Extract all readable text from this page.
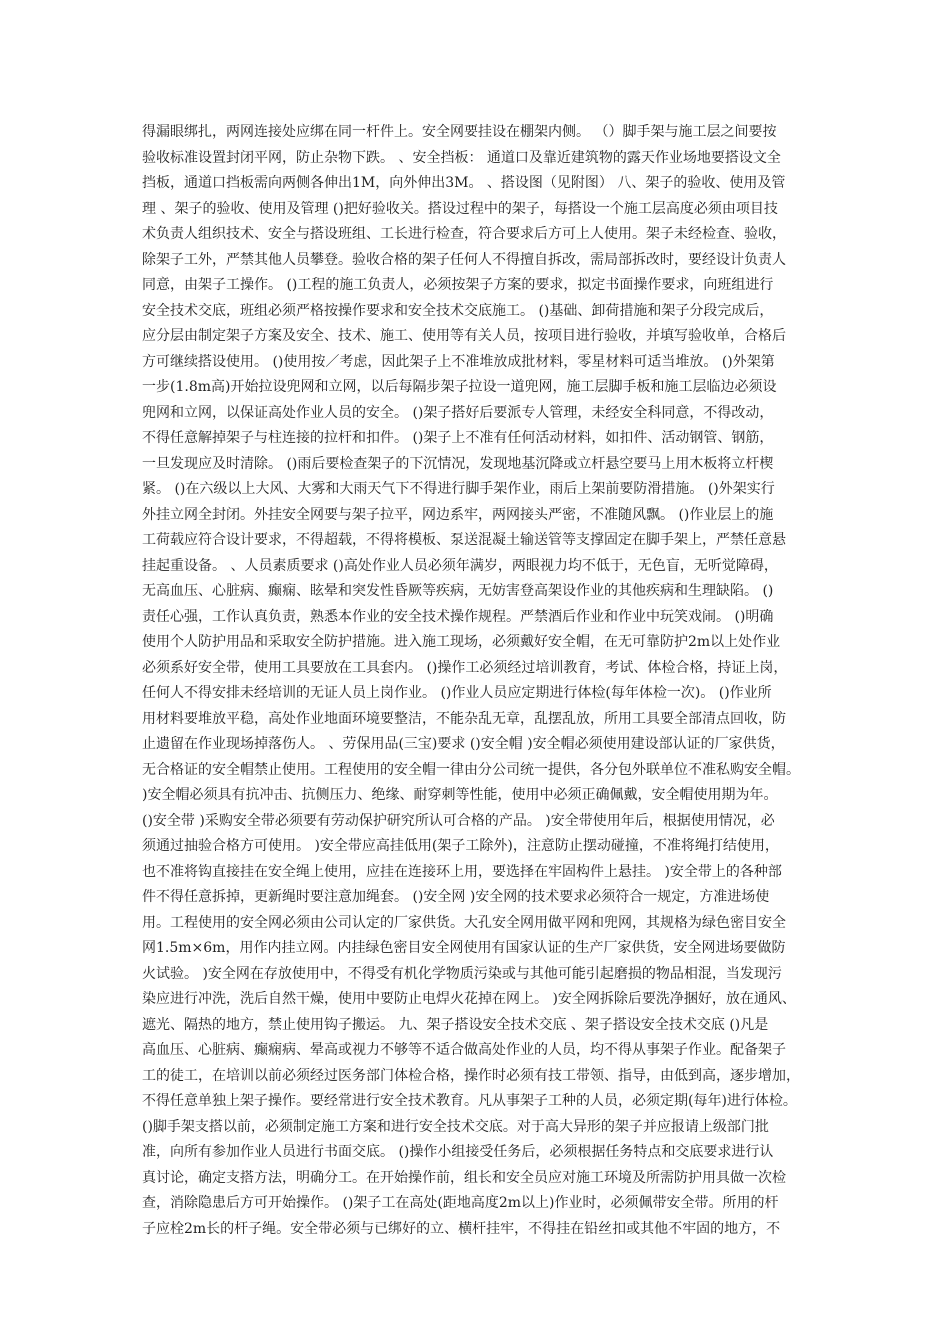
得漏眼绑扎，两网连接处应绑在同一杆件上。安全网要挂设在棚架内侧。 （）脚手架与施工层之间要按
验收标准设置封闭平网，防止杂物下跌。 、安全挡板： 通道口及靠近建筑物的露天作业场地要搭设文全
挡板，通道口挡板需向两侧各伸出1M，向外伸出3M。 、搭设图（见附图） 八、架子的验收、使用及管
理 、架子的验收、使用及管理 ()把好验收关。搭设过程中的架子，每搭设一个施工层高度必须由项目技
术负责人组织技术、安全与搭设班组、工长进行检查，符合要求后方可上人使用。架子未经检查、验收，
除架子工外，严禁其他人员攀登。验收合格的架子任何人不得擅自拆改，需局部拆改时，要经设计负责人
同意，由架子工操作。 ()工程的施工负责人，必须按架子方案的要求，拟定书面操作要求，向班组进行
安全技术交底，班组必须严格按操作要求和安全技术交底施工。 ()基础、卸荷措施和架子分段完成后，
应分层由制定架子方案及安全、技术、施工、使用等有关人员，按项目进行验收，并填写验收单，合格后
方可继续搭设使用。 ()使用按／考虑，因此架子上不准堆放成批材料，零星材料可适当堆放。 ()外架第
一步(1.8m高)开始拉设兜网和立网，以后每隔步架子拉设一道兜网，施工层脚手板和施工层临边必须设
兜网和立网，以保证高处作业人员的安全。 ()架子搭好后要派专人管理，未经安全科同意，不得改动，
不得任意解掉架子与柱连接的拉杆和扣件。 ()架子上不准有任何活动材料，如扣件、活动钢管、钢筋，
一旦发现应及时清除。 ()雨后要检查架子的下沉情况，发现地基沉降或立杆悬空要马上用木板将立杆楔
紧。 ()在六级以上大风、大雾和大雨天气下不得进行脚手架作业，雨后上架前要防滑措施。 ()外架实行
外挂立网全封闭。外挂安全网要与架子拉平，网边系牢，两网接头严密，不准随风飘。 ()作业层上的施
工荷载应符合设计要求，不得超载，不得将模板、泵送混凝土输送管等支撑固定在脚手架上，严禁任意悬
挂起重设备。 、人员素质要求 ()高处作业人员必须年满岁，两眼视力均不低于，无色盲，无听觉障碍，
无高血压、心脏病、癫痫、眩晕和突发性昏厥等疾病，无妨害登高架设作业的其他疾病和生理缺陷。 ()
责任心强，工作认真负责，熟悉本作业的安全技术操作规程。严禁酒后作业和作业中玩笑戏闹。 ()明确
使用个人防护用品和采取安全防护措施。进入施工现场，必须戴好安全帽，在无可靠防护2m以上处作业
必须系好安全带，使用工具要放在工具套内。 ()操作工必须经过培训教育，考试、体检合格，持证上岗，
任何人不得安排未经培训的无证人员上岗作业。 ()作业人员应定期进行体检(每年体检一次)。 ()作业所
用材料要堆放平稳，高处作业地面环境要整洁，不能杂乱无章，乱摆乱放，所用工具要全部清点回收，防
止遗留在作业现场掉落伤人。 、劳保用品(三宝)要求 ()安全帽 )安全帽必须使用建设部认证的厂家供货，
无合格证的安全帽禁止使用。工程使用的安全帽一律由分公司统一提供，各分包外联单位不准私购安全帽。
)安全帽必须具有抗冲击、抗侧压力、绝缘、耐穿刺等性能，使用中必须正确佩戴，安全帽使用期为年。
()安全带 )采购安全带必须要有劳动保护研究所认可合格的产品。 )安全带使用年后，根据使用情况，必
须通过抽验合格方可使用。 )安全带应高挂低用(架子工除外)，注意防止摆动碰撞，不准将绳打结使用，
也不准将钩直接挂在安全绳上使用，应挂在连接环上用，要选择在牢固构件上悬挂。 )安全带上的各种部
件不得任意拆掉，更新绳时要注意加绳套。 ()安全网 )安全网的技术要求必须符合一规定，方准进场使
用。工程使用的安全网必须由公司认定的厂家供货。大孔安全网用做平网和兜网，其规格为绿色密目安全
网1.5m×6m，用作内挂立网。内挂绿色密目安全网使用有国家认证的生产厂家供货，安全网进场要做防
火试验。 )安全网在存放使用中，不得受有机化学物质污染或与其他可能引起磨损的物品相混，当发现污
染应进行冲洗，洗后自然干燥，使用中要防止电焊火花掉在网上。 )安全网拆除后要洗净捆好，放在通风、
遮光、隔热的地方，禁止使用钩子搬运。 九、架子搭设安全技术交底 、架子搭设安全技术交底 ()凡是
高血压、心脏病、癫痫病、晕高或视力不够等不适合做高处作业的人员，均不得从事架子作业。配备架子
工的徒工，在培训以前必须经过医务部门体检合格，操作时必须有技工带领、指导，由低到高，逐步增加，
不得任意单独上架子操作。要经常进行安全技术教育。凡从事架子工种的人员，必须定期(每年)进行体检。
()脚手架支搭以前，必须制定施工方案和进行安全技术交底。对于高大异形的架子并应报请上级部门批
准，向所有参加作业人员进行书面交底。 ()操作小组接受任务后，必须根据任务特点和交底要求进行认
真讨论，确定支搭方法，明确分工。在开始操作前，组长和安全员应对施工环境及所需防护用具做一次检
查，消除隐患后方可开始操作。 ()架子工在高处(距地高度2m以上)作业时，必须佩带安全带。所用的杆
子应栓2m长的杆子绳。安全带必须与已绑好的立、横杆挂牢，不得挂在铅丝扣或其他不牢固的地方，不
